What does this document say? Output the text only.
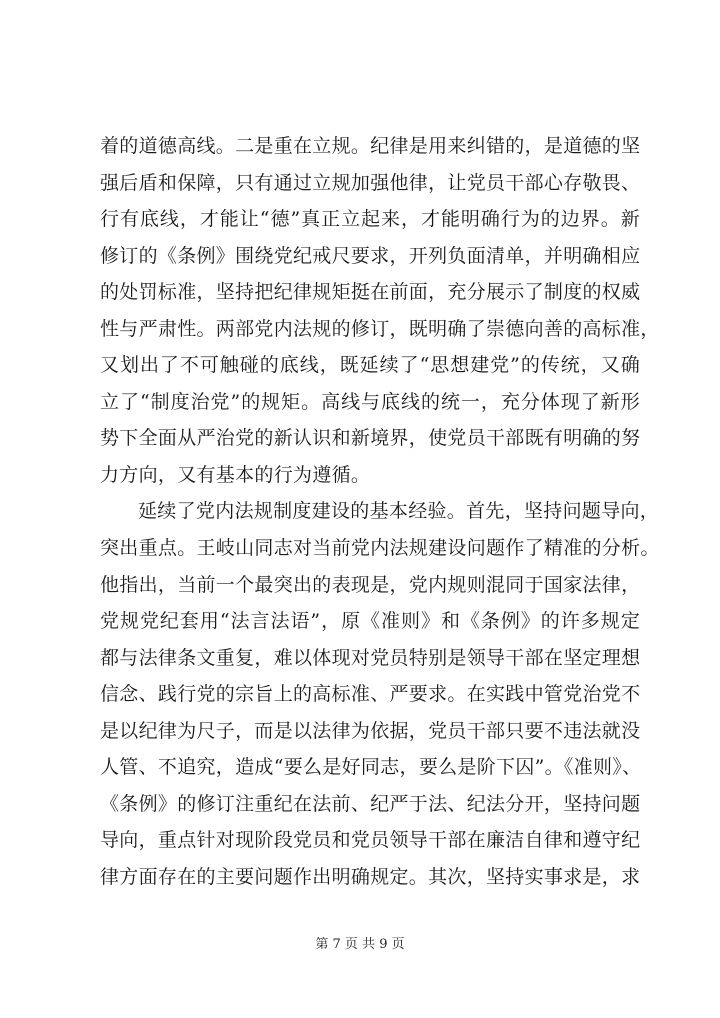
着的道德高线。二是重在立规。纪律是用来纠错的，是道德的坚
强后盾和保障，只有通过立规加强他律，让党员干部心存敬畏、
行有底线，才能让“德”真正立起来，才能明确行为的边界。新
修订的《条例》围绕党纪戒尺要求，开列负面清单，并明确相应
的处罚标准，坚持把纪律规矩挺在前面，充分展示了制度的权威
性与严肃性。两部党内法规的修订，既明确了崇德向善的高标准，
又划出了不可触碰的底线，既延续了“思想建党”的传统，又确
立了“制度治党”的规矩。高线与底线的统一，充分体现了新形
势下全面从严治党的新认识和新境界，使党员干部既有明确的努
力方向，又有基本的行为遵循。
延续了党内法规制度建设的基本经验。首先，坚持问题导向，
突出重点。王岐山同志对当前党内法规建设问题作了精准的分析。
他指出，当前一个最突出的表现是，党内规则混同于国家法律，
党规党纪套用“法言法语”，原《准则》和《条例》的许多规定
都与法律条文重复，难以体现对党员特别是领导干部在坚定理想
信念、践行党的宗旨上的高标准、严要求。在实践中管党治党不
是以纪律为尺子，而是以法律为依据，党员干部只要不违法就没
人管、不追究，造成“要么是好同志，要么是阶下囚”。《准则》、
《条例》的修订注重纪在法前、纪严于法、纪法分开，坚持问题
导向，重点针对现阶段党员和党员领导干部在廉洁自律和遵守纪
律方面存在的主要问题作出明确规定。其次，坚持实事求是，求
第 7 页 共 9 页
